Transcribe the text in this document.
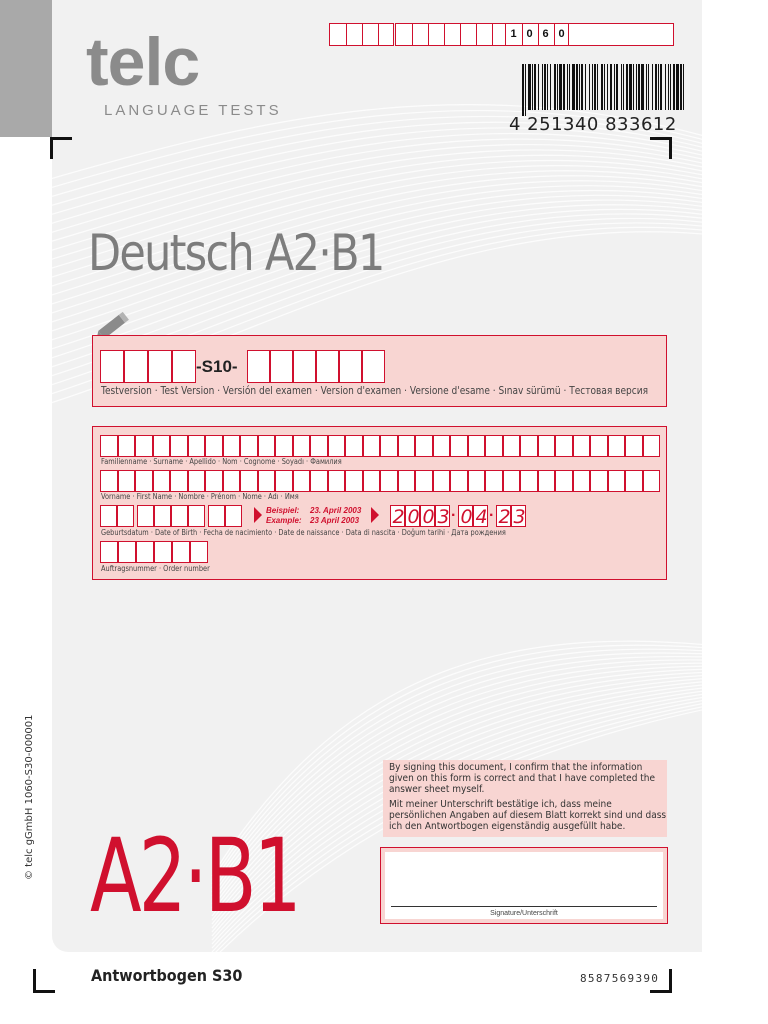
telc
LANGUAGE TESTS
1 0 6 0
4 251340 833612
Deutsch A2·B1
-S10-
Testversion · Test Version · Versión del examen · Version d'examen · Versione d'esame · Sınav sürümü · Тестовая версия
Familienname · Surname · Apellido · Nom · Cognome · Soyadı · Фамилия
Vorname · First Name · Nombre · Prénom · Nome · Adı · Имя
Beispiel:
Example:
23. April 2003
23 April 2003 2 0 0 3 · 0 4 · 2 3
Geburtsdatum · Date of Birth · Fecha de nacimiento · Date de naissance · Data di nascita · Doğum tarihi · Дата рождения
Auftragsnummer · Order number
By signing this document, I confirm that the information given on this form is correct and that I have completed the answer sheet myself.
Mit meiner Unterschrift bestätige ich, dass meine persönlichen Angaben auf diesem Blatt korrekt sind und dass ich den Antwortbogen eigenständig ausgefüllt habe.
Signature/Unterschrift
A2·B1
© telc gGmbH 1060-S30-000001
Antwortbogen S30	8587569390
